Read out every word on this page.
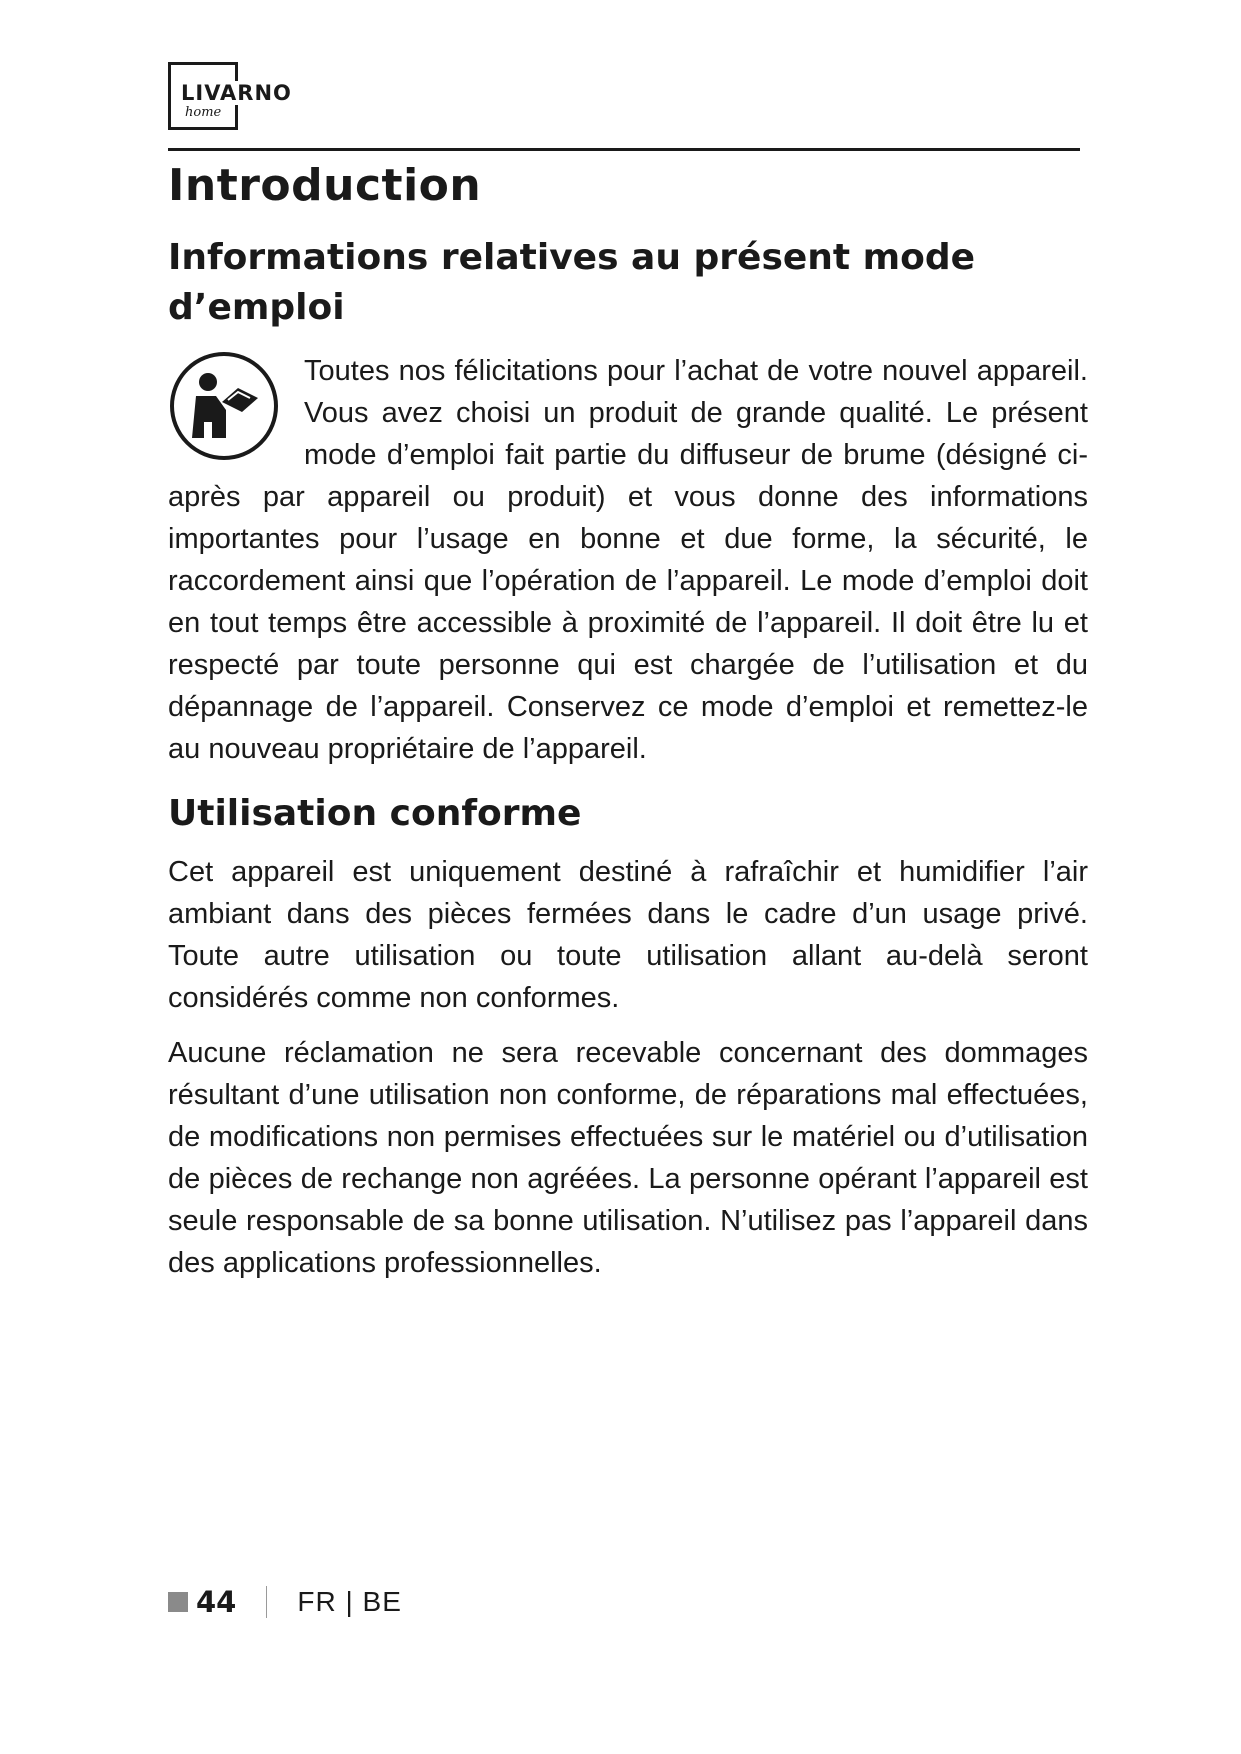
LIVARNO
home
Introduction
Informations relatives au présent mode
d’emploi

Toutes nos félicitations pour l’achat de votre nouvel appareil. Vous avez choisi un produit de grande qualité. Le présent mode d’emploi fait partie du diffuseur de brume (désigné ci-après par appareil ou produit) et vous donne des informations importantes pour l’usage en bonne et due forme, la sécurité, le raccordement ainsi que l’opération de l’appareil. Le mode d’emploi doit en tout temps être accessible à proximité de l’appareil. Il doit être lu et respecté par toute personne qui est chargée de l’utilisation et du dépannage de l’appareil. Conservez ce mode d’emploi et remettez-le au nouveau propriétaire de l’appareil.

Utilisation conforme

Cet appareil est uniquement destiné à rafraîchir et humidifier l’air ambiant dans des pièces fermées dans le cadre d’un usage privé. Toute autre utilisation ou toute utilisation allant au-delà seront considérés comme non conformes.

Aucune réclamation ne sera recevable concernant des dommages résultant d’une utilisation non conforme, de réparations mal effectuées, de modifications non permises effectuées sur le matériel ou d’utilisation de pièces de rechange non agréées. La personne opérant l’appareil est seule responsable de sa bonne utilisation. N’utilisez pas l’appareil dans des applications professionnelles.

44 FR | BE
